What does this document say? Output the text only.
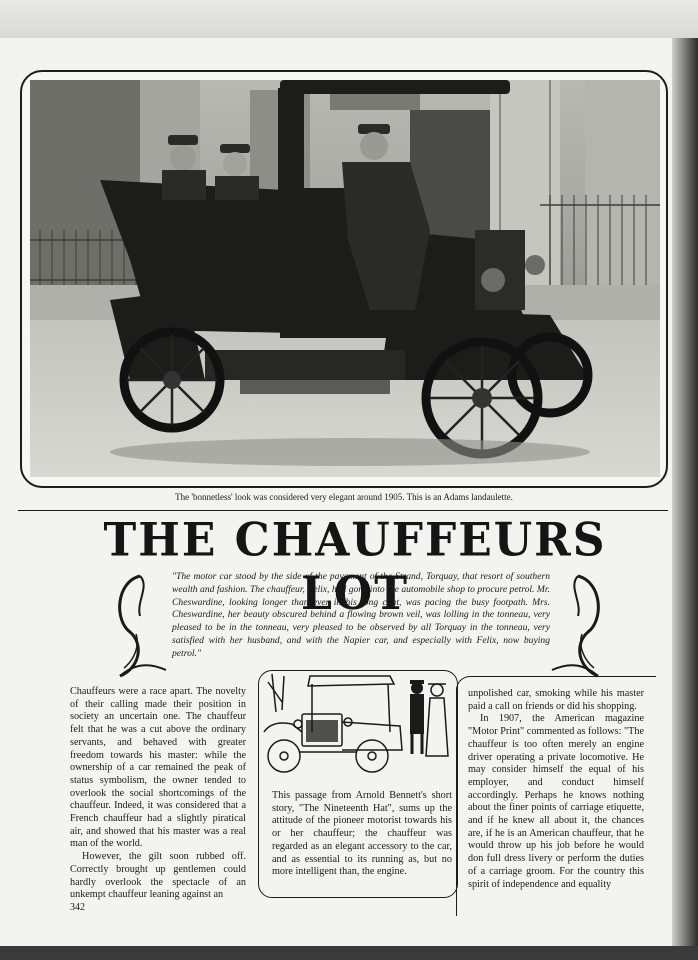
The 'bonnetless' look was considered very elegant around 1905. This is an Adams landaulette.
THE CHAUFFEURS LOT

"The motor car stood by the side of the pavement of the Strand, Torquay, that resort of southern wealth and fashion. The chauffeur, Felix, had gone into the automobile shop to procure petrol. Mr. Cheswardine, looking longer than ever in his long coat, was pacing the busy footpath. Mrs. Cheswardine, her beauty obscured behind a flowing brown veil, was lolling in the tonneau, very pleased to be in the tonneau, very pleased to be observed by all Torquay in the tonneau, very satisfied with her husband, and with the Napier car, and especially with Felix, now buying petrol."

Chauffeurs were a race apart. The novelty of their calling made their position in society an uncertain one. The chauffeur felt that he was a cut above the ordinary servants, and behaved with greater freedom towards his master: while the ownership of a car remained the peak of status symbolism, the owner tended to overlook the social shortcomings of the chauffeur. Indeed, it was considered that a French chauffeur had a slightly piratical air, and showed that his master was a real man of the world.

However, the gilt soon rubbed off. Correctly brought up gentlemen could hardly overlook the spectacle of an unkempt chauffeur leaning against an

This passage from Arnold Bennett's short story, "The Nineteenth Hat", sums up the attitude of the pioneer motorist towards his or her chauffeur; the chauffeur was regarded as an elegant accessory to the car, and as essential to its running as, but no more intelligent than, the engine.

unpolished car, smoking while his master paid a call on friends or did his shopping.

In 1907, the American magazine "Motor Print" commented as follows: "The chauffeur is too often merely an engine driver operating a private locomotive. He may consider himself the equal of his employer, and conduct himself accordingly. Perhaps he knows nothing about the finer points of carriage etiquette, and if he knew all about it, the chances are, if he is an American chauffeur, that he would throw up his job before he would don full dress livery or perform the duties of a carriage groom. For the country this spirit of independence and equality

342
